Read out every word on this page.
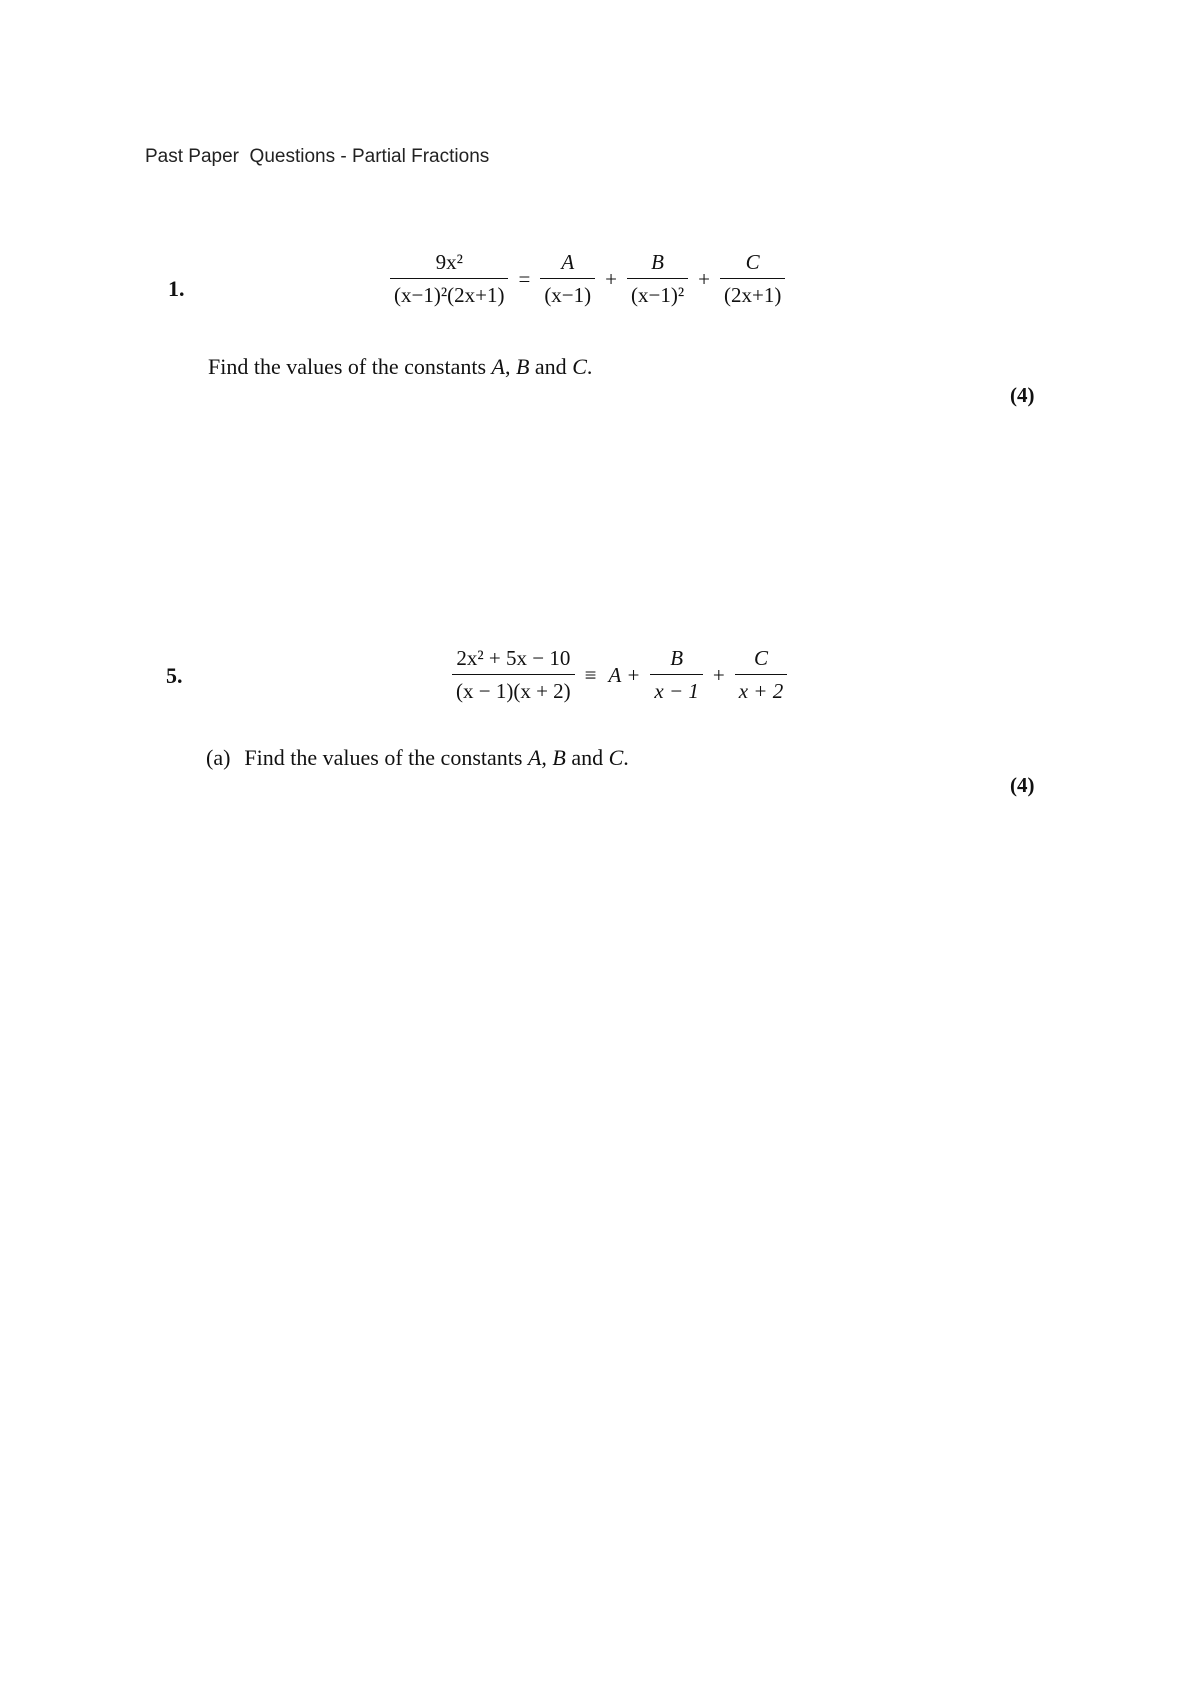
Past Paper  Questions - Partial Fractions
1.	$\frac{\text{9x²}}{\text{(x−1)²(2x+1)}} = \frac{A}{(x-1)} + \frac{B}{\text{(x−1)²}} + \frac{C}{(2x+1)}$
Find the values of the constants A, B and C.
(4)
5.	$\frac{\text{2x² + 5x − 10}}{(x - 1)(x + 2)} \equiv A + \frac{B}{x - 1} + \frac{C}{x + 2}$
(a) Find the values of the constants A, B and C.
(4)
